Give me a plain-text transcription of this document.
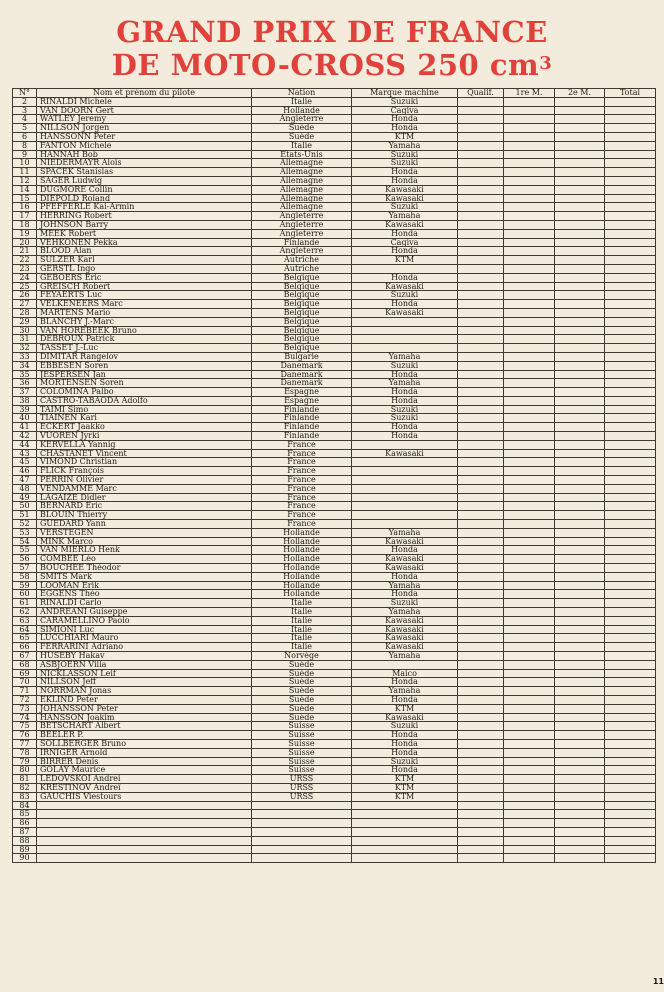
GRAND PRIX DE FRANCE
DE MOTO-CROSS 250 $cm^3$
N°	Nom et prénom du pilote	Nation	Marque machine	Qualif.	1re M.	2e M.	Total
2	RINALDI Michele	Italie	Suzuki				
3	VAN DOORN Gert	Hollande	Cagiva				
4	WATLEY Jeremy	Angleterre	Honda				
5	NILLSON Jorgen	Suède	Honda				
6	HANSSONN Peter	Suède	KTM				
8	FANTON Michele	Italie	Yamaha				
9	HANNAH Bob	Etats-Unis	Suzuki				
10	NIEDERMAYR Aloïs	Allemagne	Suzuki				
11	SPACEK Stanislas	Allemagne	Honda				
12	SAGER Ludwig	Allemagne	Honda				
14	DUGMORE Collin	Allemagne	Kawasaki				
15	DIEPOLD Roland	Allemagne	Kawasaki				
16	PFEFFERLE Kai-Armin	Allemagne	Suzuki				
17	HERRING Robert	Angleterre	Yamaha				
18	JOHNSON Barry	Angleterre	Kawasaki				
19	MEEK Robert	Angleterre	Honda				
20	VEHKONEN Pekka	Finlande	Cagiva				
21	BLOOD Alan	Angleterre	Honda				
22	SULZER Karl	Autriche	KTM				
23	GERSTL Ingo	Autriche					
24	GEBOERS Eric	Belgique	Honda				
25	GREISCH Robert	Belgique	Kawasaki				
26	FEYAERTS Luc	Belgique	Suzuki				
27	VELKENEERS Marc	Belgique	Honda				
28	MARTENS Mario	Belgique	Kawasaki				
29	BLANCHY J.-Marc	Belgique					
30	VAN HOREBEEK Bruno	Belgique					
31	DEBROUX Patrick	Belgique					
32	TASSET J.-Luc	Belgique					
33	DIMITAR Rangelov	Bulgarie	Yamaha				
34	EBBESEN Soren	Danemark	Suzuki				
35	JESPERSEN Jan	Danemark	Honda				
36	MORTENSEN Soren	Danemark	Yamaha				
37	COLOMINA Palbo	Espagne	Honda				
38	CASTRO-TABAODA Adolfo	Espagne	Honda				
39	TAIMI Simo	Finlande	Suzuki				
40	TIAINEN Kari	Finlande	Suzuki				
41	ECKERT Jaakko	Finlande	Honda				
42	VUOREN Jyrki	Finlande	Honda				
44	KERVELLA Yannig	France					
43	CHASTANET Vincent	France	Kawasaki				
45	VIMOND Christian	France					
46	FLICK François	France					
47	PERRIN Olivier	France					
48	VENDAMME Marc	France					
49	LAGAIZE Didier	France					
50	BERNARD Eric	France					
51	BLOUIN Thierry	France					
52	GUEDARD Yann	France					
53	VERSTEGEN	Hollande	Yamaha				
54	MINK Marco	Hollande	Kawasaki				
55	VAN MIERLO Henk	Hollande	Honda				
56	COMBEE Léo	Hollande	Kawasaki				
57	BOUCHEE Théodor	Hollande	Kawasaki				
58	SMITS Mark	Hollande	Honda				
59	LOOMAN Erik	Hollande	Yamaha				
60	EGGENS Théo	Hollande	Honda				
61	RINALDI Carlo	Italie	Suzuki				
62	ANDREANI Guiseppe	Italie	Yamaha				
63	CARAMELLINO Paolo	Italie	Kawasaki				
64	SIMIONI Luc	Italie	Kawasaki				
65	LUCCHIARI Mauro	Italie	Kawasaki				
66	FERRARINI Adriano	Italie	Kawasaki				
67	HUSEBY Hakav	Norvège	Yamaha				
68	ASBJOERN Villa	Suède					
69	NICKLASSON Leif	Suède	Maico				
70	NILLSON Jeff	Suède	Honda				
71	NORRMAN Jonas	Suède	Yamaha				
72	EKLIND Peter	Suède	Honda				
73	JOHANSSON Peter	Suède	KTM				
74	HANSSON Joakim	Suède	Kawasaki				
75	BETSCHART Albert	Suisse	Suzuki				
76	BEELER P.	Suisse	Honda				
77	SOLLBERGER Bruno	Suisse	Honda				
78	IRNIGER Arnold	Suisse	Honda				
79	BIRRER Denis	Suisse	Suzuki				
80	GOLAY Maurice	Suisse	Honda				
81	LEDOVSKOI Andrei	URSS	KTM				
82	KRESTINOV Andreï	URSS	KTM				
83	GAUCHIS Viestours	URSS	KTM				
84							
85							
86							
87							
88							
89							
90							
11
